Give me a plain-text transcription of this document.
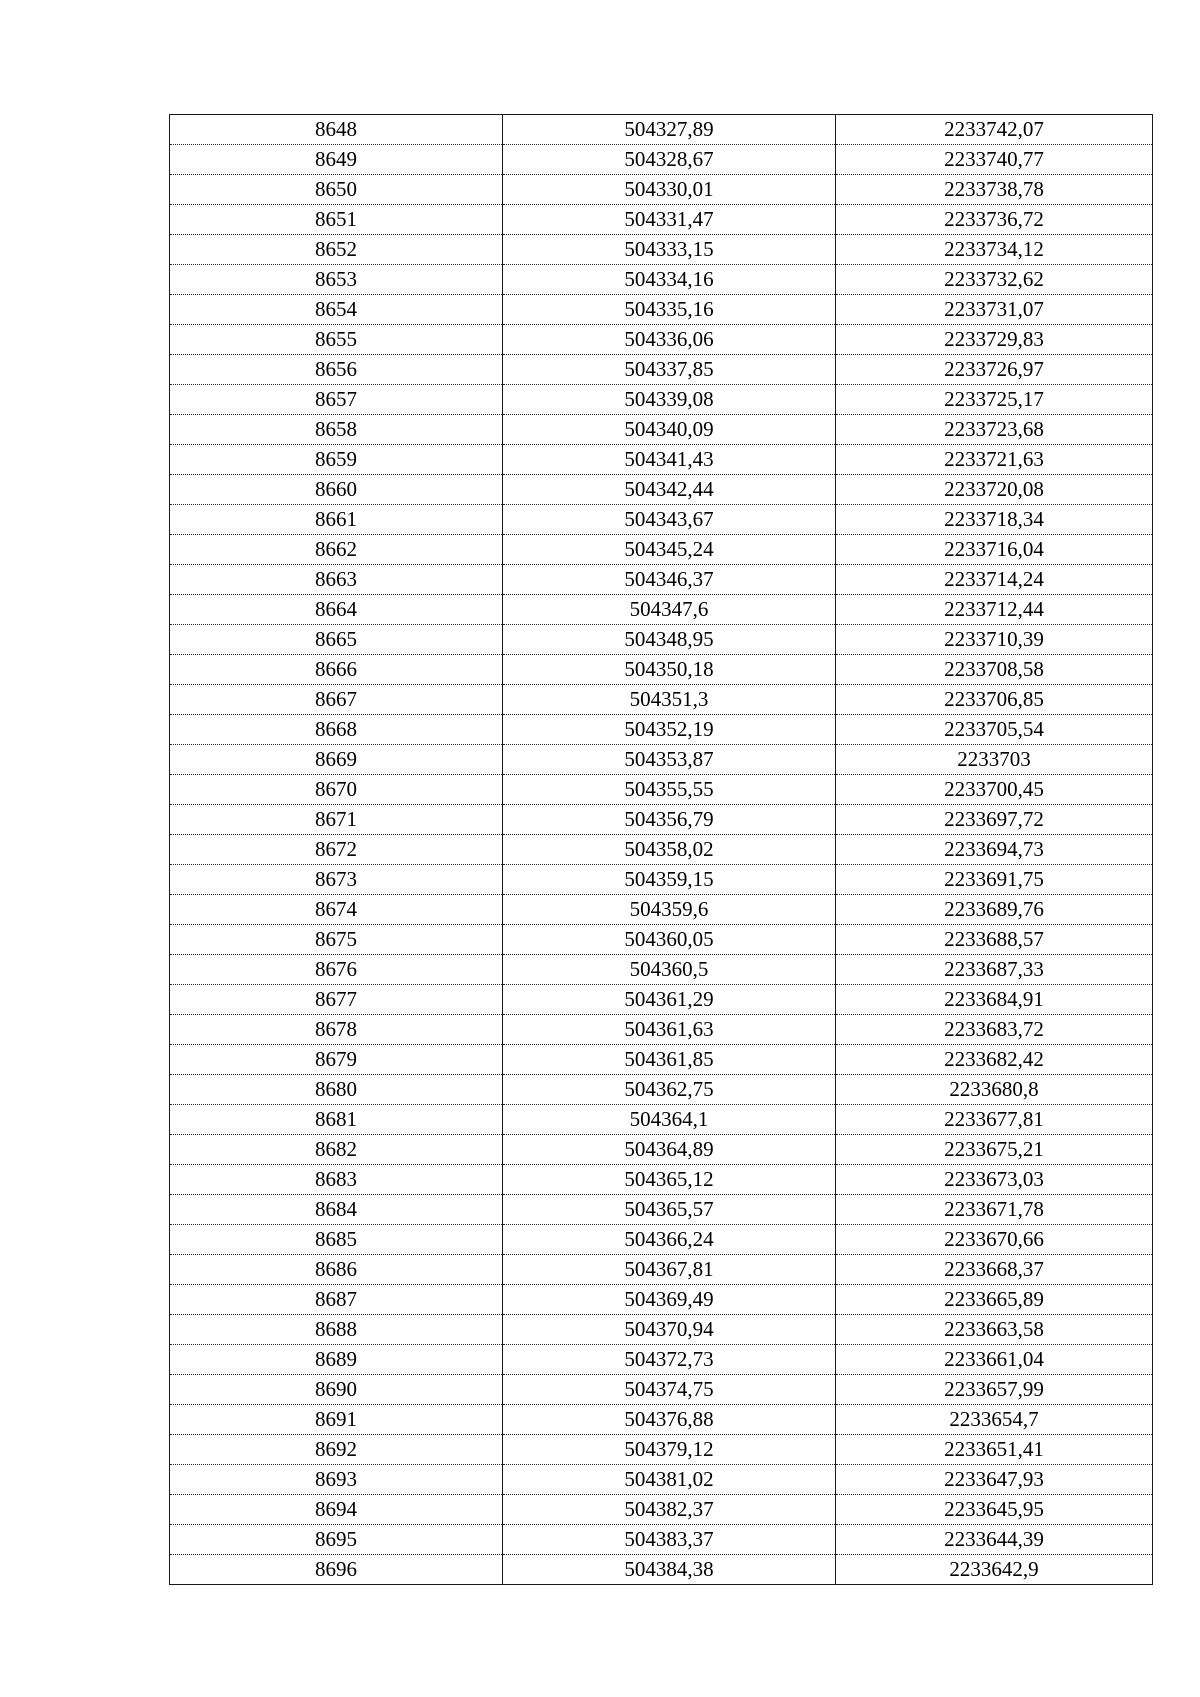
8648	504327,89	2233742,07
8649	504328,67	2233740,77
8650	504330,01	2233738,78
8651	504331,47	2233736,72
8652	504333,15	2233734,12
8653	504334,16	2233732,62
8654	504335,16	2233731,07
8655	504336,06	2233729,83
8656	504337,85	2233726,97
8657	504339,08	2233725,17
8658	504340,09	2233723,68
8659	504341,43	2233721,63
8660	504342,44	2233720,08
8661	504343,67	2233718,34
8662	504345,24	2233716,04
8663	504346,37	2233714,24
8664	504347,6	2233712,44
8665	504348,95	2233710,39
8666	504350,18	2233708,58
8667	504351,3	2233706,85
8668	504352,19	2233705,54
8669	504353,87	2233703
8670	504355,55	2233700,45
8671	504356,79	2233697,72
8672	504358,02	2233694,73
8673	504359,15	2233691,75
8674	504359,6	2233689,76
8675	504360,05	2233688,57
8676	504360,5	2233687,33
8677	504361,29	2233684,91
8678	504361,63	2233683,72
8679	504361,85	2233682,42
8680	504362,75	2233680,8
8681	504364,1	2233677,81
8682	504364,89	2233675,21
8683	504365,12	2233673,03
8684	504365,57	2233671,78
8685	504366,24	2233670,66
8686	504367,81	2233668,37
8687	504369,49	2233665,89
8688	504370,94	2233663,58
8689	504372,73	2233661,04
8690	504374,75	2233657,99
8691	504376,88	2233654,7
8692	504379,12	2233651,41
8693	504381,02	2233647,93
8694	504382,37	2233645,95
8695	504383,37	2233644,39
8696	504384,38	2233642,9
